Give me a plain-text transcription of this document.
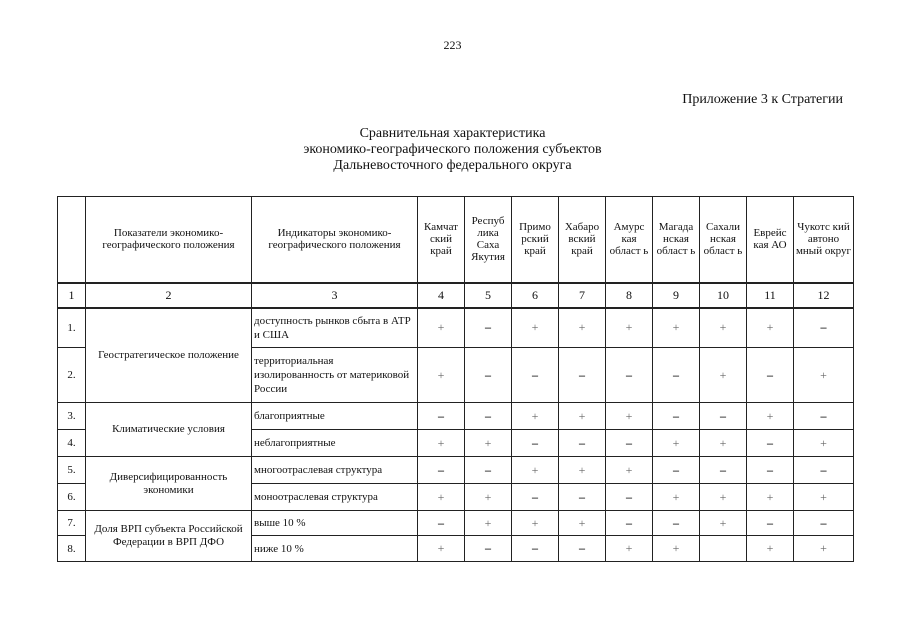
223
Приложение 3 к Стратегии
Сравнительная характеристика
экономико-географического положения субъектов
Дальневосточного федерального округа
	Показатели экономико-географического положения	Индикаторы экономико-географического положения	Камчат ский край	Респуб лика Саха Якутия	Примо рский край	Хабаро вский край	Амурс кая област ь	Магада нская област ь	Сахали нская област ь	Еврейс кая АО	Чукотс кий автоно мный округ
1	2	3	4	5	6	7	8	9	10	11	12
1.	Геостратегическое положение	доступность рынков сбыта в АТР и США	+	–	+	+	+	+	+	+	–
2.		территориальная изолированность от материковой России	+	–	–	–	–	–	+	–	+
3.	Климатические условия	благоприятные	–	–	+	+	+	–	–	+	–
4.		неблагоприятные	+	+	–	–	–	+	+	–	+
5.	Диверсифицированность экономики	многоотраслевая структура	–	–	+	+	+	–	–	–	–
6.		моноотраслевая структура	+	+	–	–	–	+	+	+	+
7.	Доля ВРП субъекта Российской Федерации в ВРП ДФО	выше 10 %	–	+	+	+	–	–	+	–	–
8.		ниже 10 %	+	–	–	–	+	+		+	+
